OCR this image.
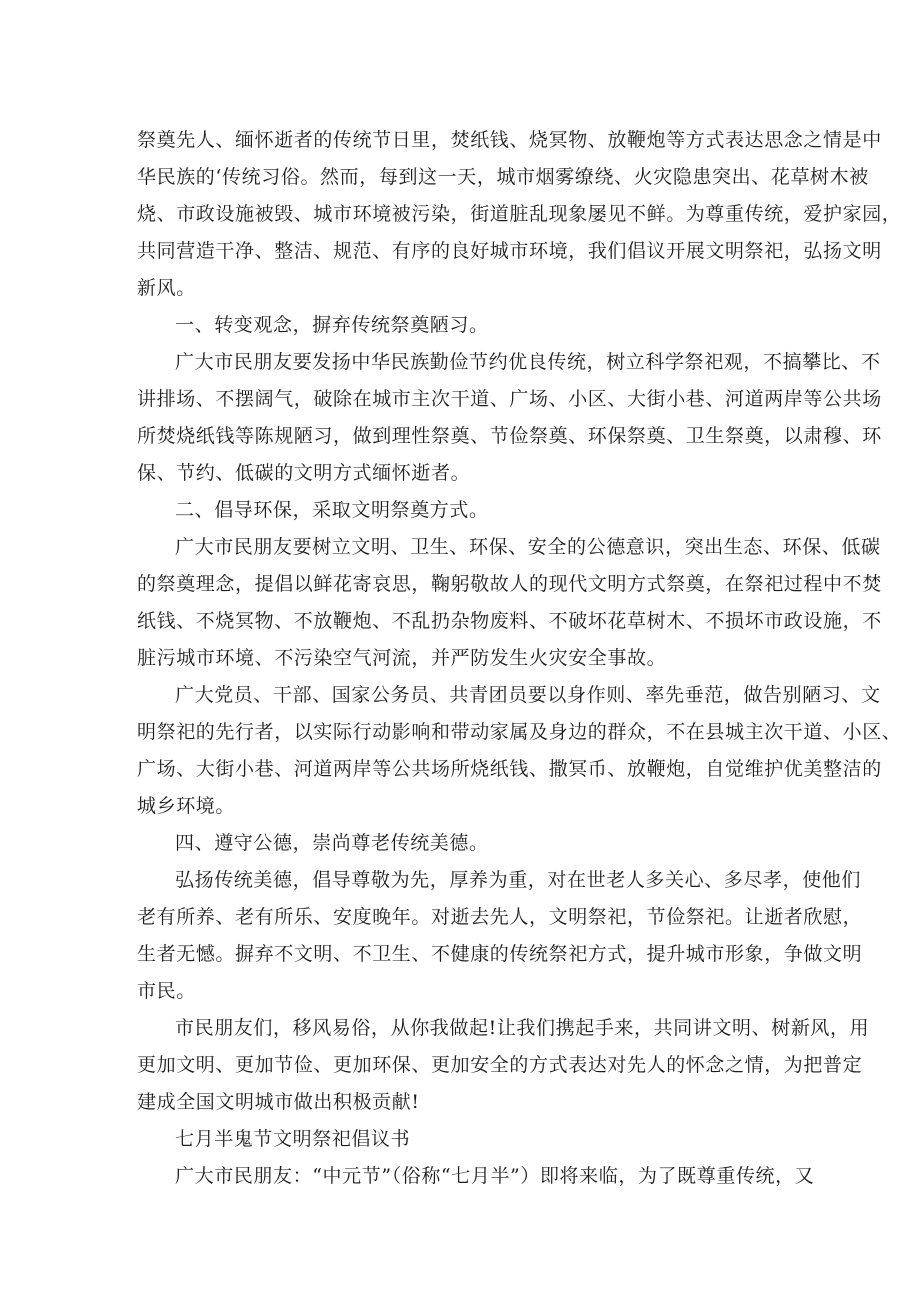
祭奠先人、缅怀逝者的传统节日里，焚纸钱、烧冥物、放鞭炮等方式表达思念之情是中
华民族的‘传统习俗。然而，每到这一天，城市烟雾缭绕、火灾隐患突出、花草树木被
烧、市政设施被毁、城市环境被污染，街道脏乱现象屡见不鲜。为尊重传统，爱护家园，
共同营造干净、整洁、规范、有序的良好城市环境，我们倡议开展文明祭祀，弘扬文明
新风。
一、转变观念，摒弃传统祭奠陋习。
广大市民朋友要发扬中华民族勤俭节约优良传统，树立科学祭祀观，不搞攀比、不
讲排场、不摆阔气，破除在城市主次干道、广场、小区、大街小巷、河道两岸等公共场
所焚烧纸钱等陈规陋习，做到理性祭奠、节俭祭奠、环保祭奠、卫生祭奠，以肃穆、环
保、节约、低碳的文明方式缅怀逝者。
二、倡导环保，采取文明祭奠方式。
广大市民朋友要树立文明、卫生、环保、安全的公德意识，突出生态、环保、低碳
的祭奠理念，提倡以鲜花寄哀思，鞠躬敬故人的现代文明方式祭奠，在祭祀过程中不焚
纸钱、不烧冥物、不放鞭炮、不乱扔杂物废料、不破坏花草树木、不损坏市政设施，不
脏污城市环境、不污染空气河流，并严防发生火灾安全事故。
广大党员、干部、国家公务员、共青团员要以身作则、率先垂范，做告别陋习、文
明祭祀的先行者，以实际行动影响和带动家属及身边的群众，不在县城主次干道、小区、
广场、大街小巷、河道两岸等公共场所烧纸钱、撒冥币、放鞭炮，自觉维护优美整洁的
城乡环境。
四、遵守公德，崇尚尊老传统美德。
弘扬传统美德，倡导尊敬为先，厚养为重，对在世老人多关心、多尽孝，使他们
老有所养、老有所乐、安度晚年。对逝去先人，文明祭祀，节俭祭祀。让逝者欣慰，
生者无憾。摒弃不文明、不卫生、不健康的传统祭祀方式，提升城市形象，争做文明
市民。
市民朋友们，移风易俗，从你我做起!让我们携起手来，共同讲文明、树新风，用
更加文明、更加节俭、更加环保、更加安全的方式表达对先人的怀念之情，为把普定
建成全国文明城市做出积极贡献!
七月半鬼节文明祭祀倡议书
广大市民朋友：“中元节”（俗称“七月半”）即将来临，为了既尊重传统，又
